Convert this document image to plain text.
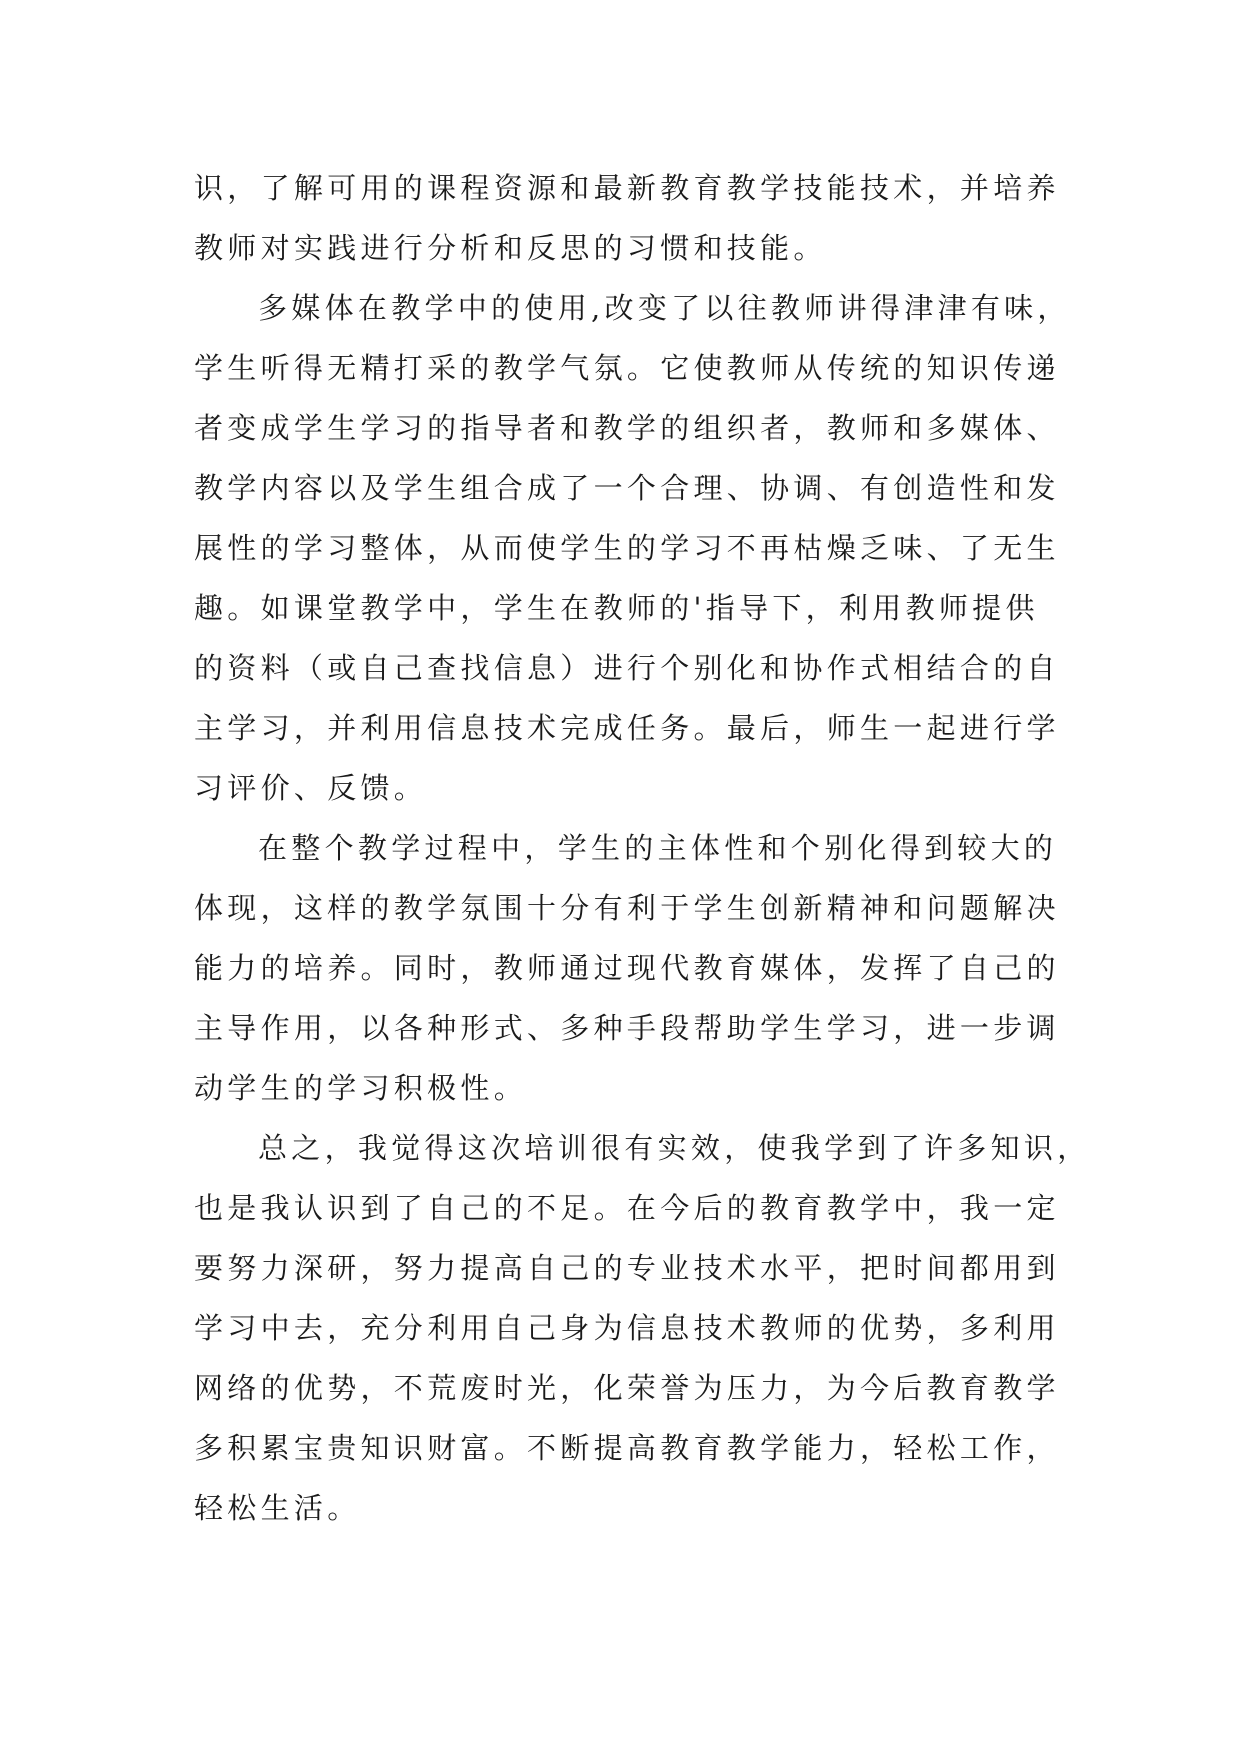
识，了解可用的课程资源和最新教育教学技能技术，并培养
教师对实践进行分析和反思的习惯和技能。
多媒体在教学中的使用,改变了以往教师讲得津津有味，
学生听得无精打采的教学气氛。它使教师从传统的知识传递
者变成学生学习的指导者和教学的组织者，教师和多媒体、
教学内容以及学生组合成了一个合理、协调、有创造性和发
展性的学习整体，从而使学生的学习不再枯燥乏味、了无生
趣。如课堂教学中，学生在教师的'指导下，利用教师提供
的资料（或自己查找信息）进行个别化和协作式相结合的自
主学习，并利用信息技术完成任务。最后，师生一起进行学
习评价、反馈。
在整个教学过程中，学生的主体性和个别化得到较大的
体现，这样的教学氛围十分有利于学生创新精神和问题解决
能力的培养。同时，教师通过现代教育媒体，发挥了自己的
主导作用，以各种形式、多种手段帮助学生学习，进一步调
动学生的学习积极性。
总之，我觉得这次培训很有实效，使我学到了许多知识，
也是我认识到了自己的不足。在今后的教育教学中，我一定
要努力深研，努力提高自己的专业技术水平，把时间都用到
学习中去，充分利用自己身为信息技术教师的优势，多利用
网络的优势，不荒废时光，化荣誉为压力，为今后教育教学
多积累宝贵知识财富。不断提高教育教学能力，轻松工作，
轻松生活。
